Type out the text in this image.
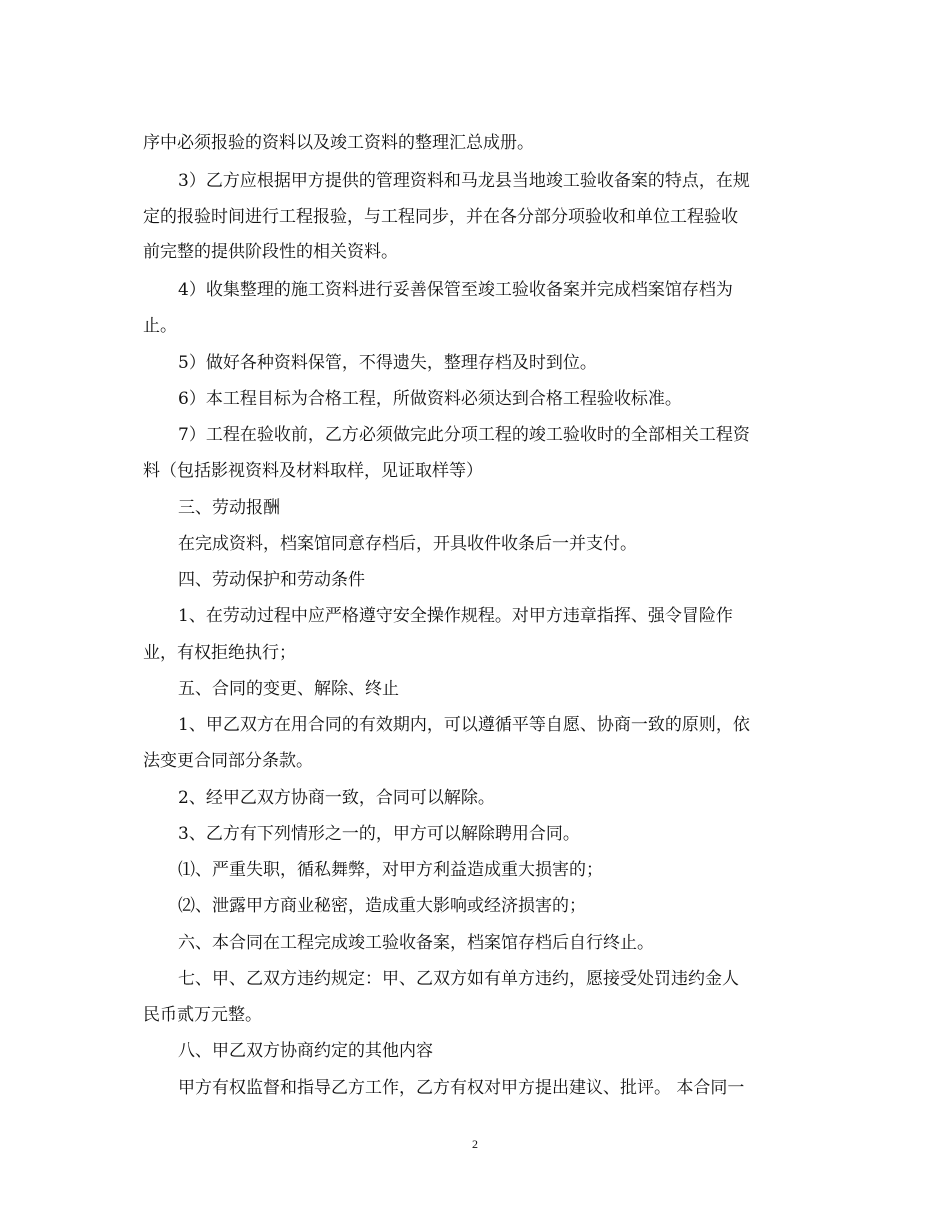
序中必须报验的资料以及竣工资料的整理汇总成册。
3）乙方应根据甲方提供的管理资料和马龙县当地竣工验收备案的特点，在规
定的报验时间进行工程报验，与工程同步，并在各分部分项验收和单位工程验收
前完整的提供阶段性的相关资料。
4）收集整理的施工资料进行妥善保管至竣工验收备案并完成档案馆存档为
止。
5）做好各种资料保管，不得遗失，整理存档及时到位。
6）本工程目标为合格工程，所做资料必须达到合格工程验收标准。
7）工程在验收前，乙方必须做完此分项工程的竣工验收时的全部相关工程资
料（包括影视资料及材料取样，见证取样等）
三、劳动报酬
在完成资料，档案馆同意存档后，开具收件收条后一并支付。
四、劳动保护和劳动条件
1、在劳动过程中应严格遵守安全操作规程。对甲方违章指挥、强令冒险作
业，有权拒绝执行；
五、合同的变更、解除、终止
1、甲乙双方在用合同的有效期内，可以遵循平等自愿、协商一致的原则，依
法变更合同部分条款。
2、经甲乙双方协商一致，合同可以解除。
3、乙方有下列情形之一的，甲方可以解除聘用合同。
⑴、严重失职，循私舞弊，对甲方利益造成重大损害的；
⑵、泄露甲方商业秘密，造成重大影响或经济损害的；
六、本合同在工程完成竣工验收备案，档案馆存档后自行终止。
七、甲、乙双方违约规定：甲、乙双方如有单方违约，愿接受处罚违约金人
民币贰万元整。
八、甲乙双方协商约定的其他内容
甲方有权监督和指导乙方工作，乙方有权对甲方提出建议、批评。 本合同一
2
